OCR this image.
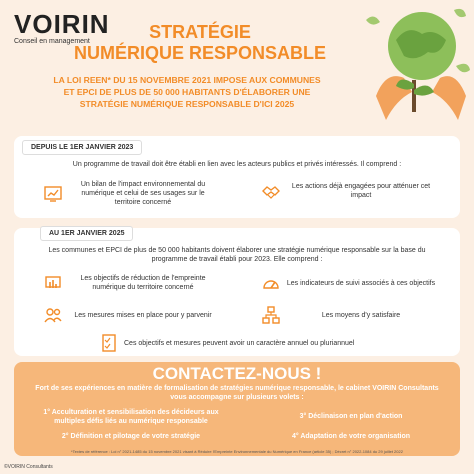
VOIRIN
Conseil en management	STRATÉGIE
NUMÉRIQUE RESPONSABLE
LA LOI REEN* DU 15 NOVEMBRE 2021 IMPOSE AUX COMMUNES
ET EPCI DE PLUS DE 50 000 HABITANTS D'ÉLABORER UNE
STRATÉGIE NUMÉRIQUE RESPONSABLE D'ICI 2025
DEPUIS LE 1ER JANVIER 2023
Un programme de travail doit être établi en lien avec les acteurs publics et privés intéressés. Il comprend :
Un bilan de l'impact environnemental du numérique et celui de ses usages sur le territoire concerné
Les actions déjà engagées pour atténuer cet impact
AU 1ER JANVIER 2025
Les communes et EPCI de plus de 50 000 habitants doivent élaborer une stratégie numérique responsable sur la base du programme de travail établi pour 2023. Elle comprend :
Les objectifs de réduction de l'empreinte numérique du territoire concerné
Les indicateurs de suivi associés à ces objectifs
Les mesures mises en place pour y parvenir	Les moyens d'y satisfaire
Ces objectifs et mesures peuvent avoir un caractère annuel ou pluriannuel
CONTACTEZ-NOUS !
Fort de ses expériences en matière de formalisation de stratégies numérique responsable, le cabinet VOIRIN Consultants vous accompagne sur plusieurs volets :
1° Acculturation et sensibilisation des décideurs aux multiples défis liés au numérique responsable
2° Définition et pilotage de votre stratégie
3° Déclinaison en plan d'action
4° Adaptation de votre organisation
*Textes de référence : Loi n° 2021-1485 du 15 novembre 2021 visant à Réduire l'Empreinte Environnementale du Numérique en France (article 35) ; Décret n° 2022-1084 du 29 juillet 2022
©VOIRIN Consultants
